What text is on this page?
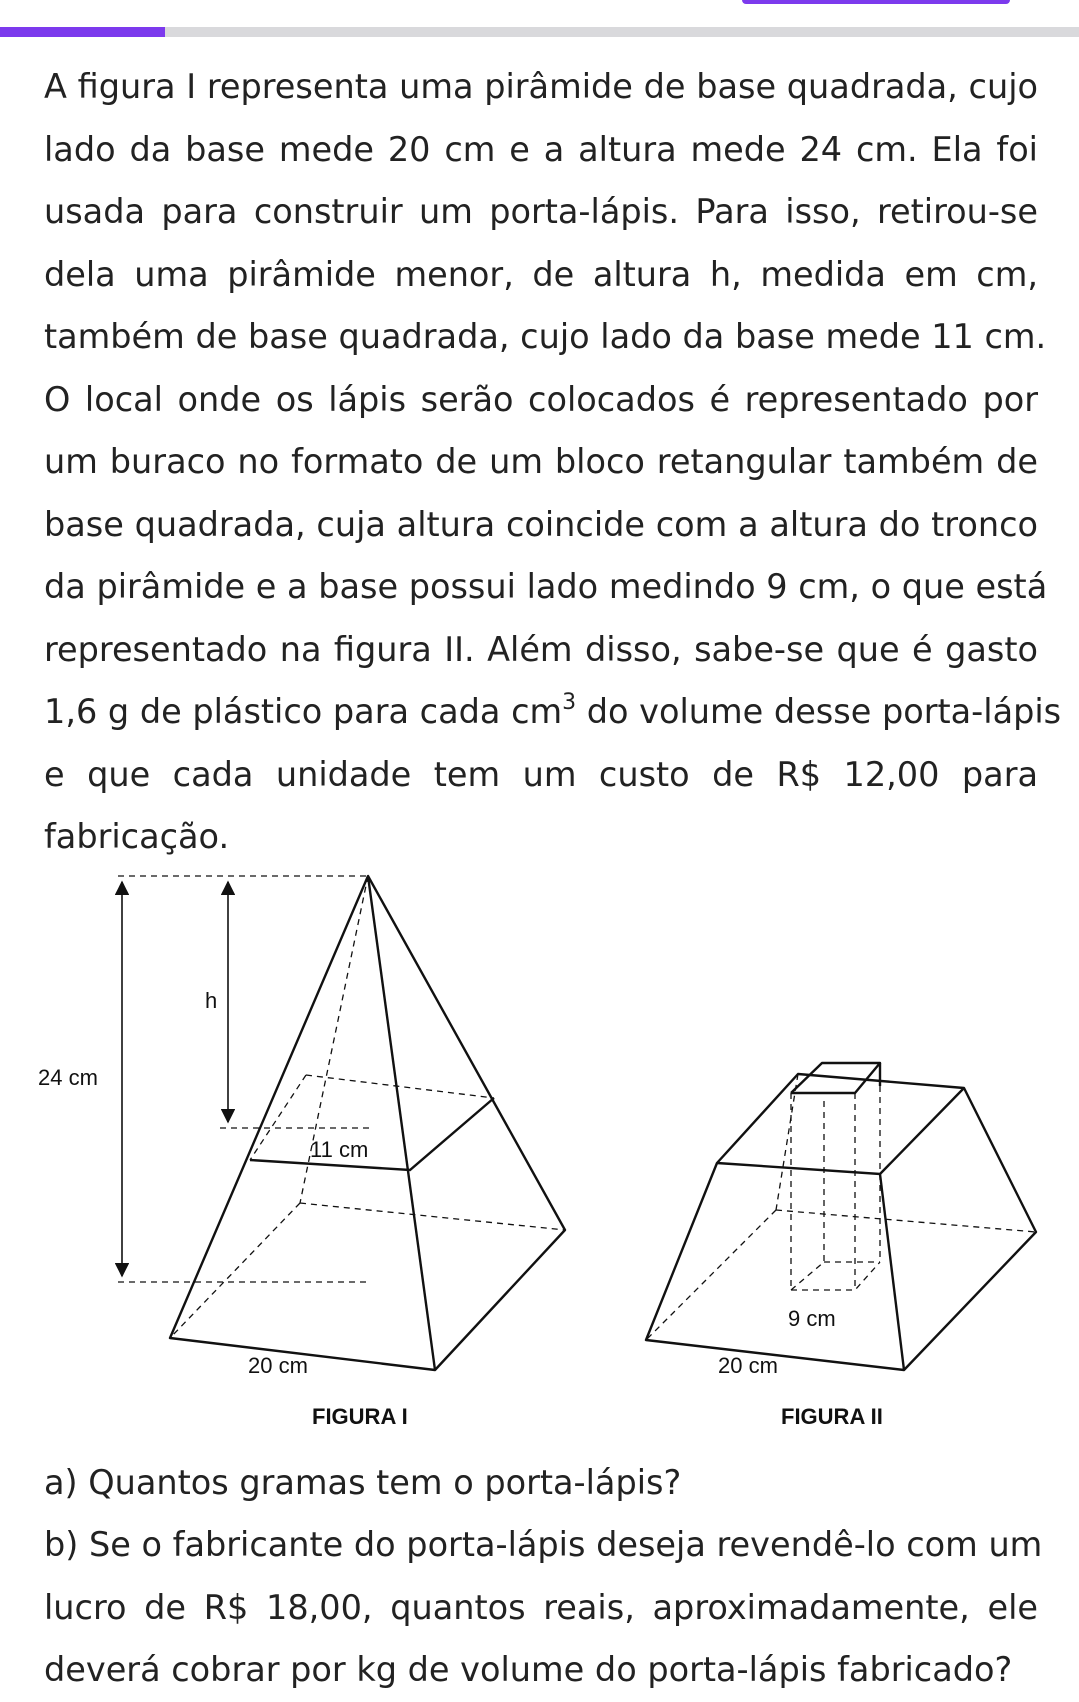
A figura I representa uma pirâmide de base quadrada, cujo
lado da base mede 20 cm e a altura mede 24 cm. Ela foi
usada para construir um porta-lápis. Para isso, retirou-se
dela uma pirâmide menor, de altura h, medida em cm,
também de base quadrada, cujo lado da base mede 11 cm.
O local onde os lápis serão colocados é representado por
um buraco no formato de um bloco retangular também de
base quadrada, cuja altura coincide com a altura do tronco
da pirâmide e a base possui lado medindo 9 cm, o que está
representado na figura II. Além disso, sabe-se que é gasto
1,6 g de plástico para cada $cm^3$ do volume desse porta-lápis
e que cada unidade tem um custo de R$ 12,00 para
fabricação.
24 cm
h
11 cm
20 cm
FIGURA I
9 cm
20 cm
FIGURA II

a) Quantos gramas tem o porta-lápis?

b) Se o fabricante do porta-lápis deseja revendê-lo com um
lucro de R$ 18,00, quantos reais, aproximadamente, ele
deverá cobrar por kg de volume do porta-lápis fabricado?
